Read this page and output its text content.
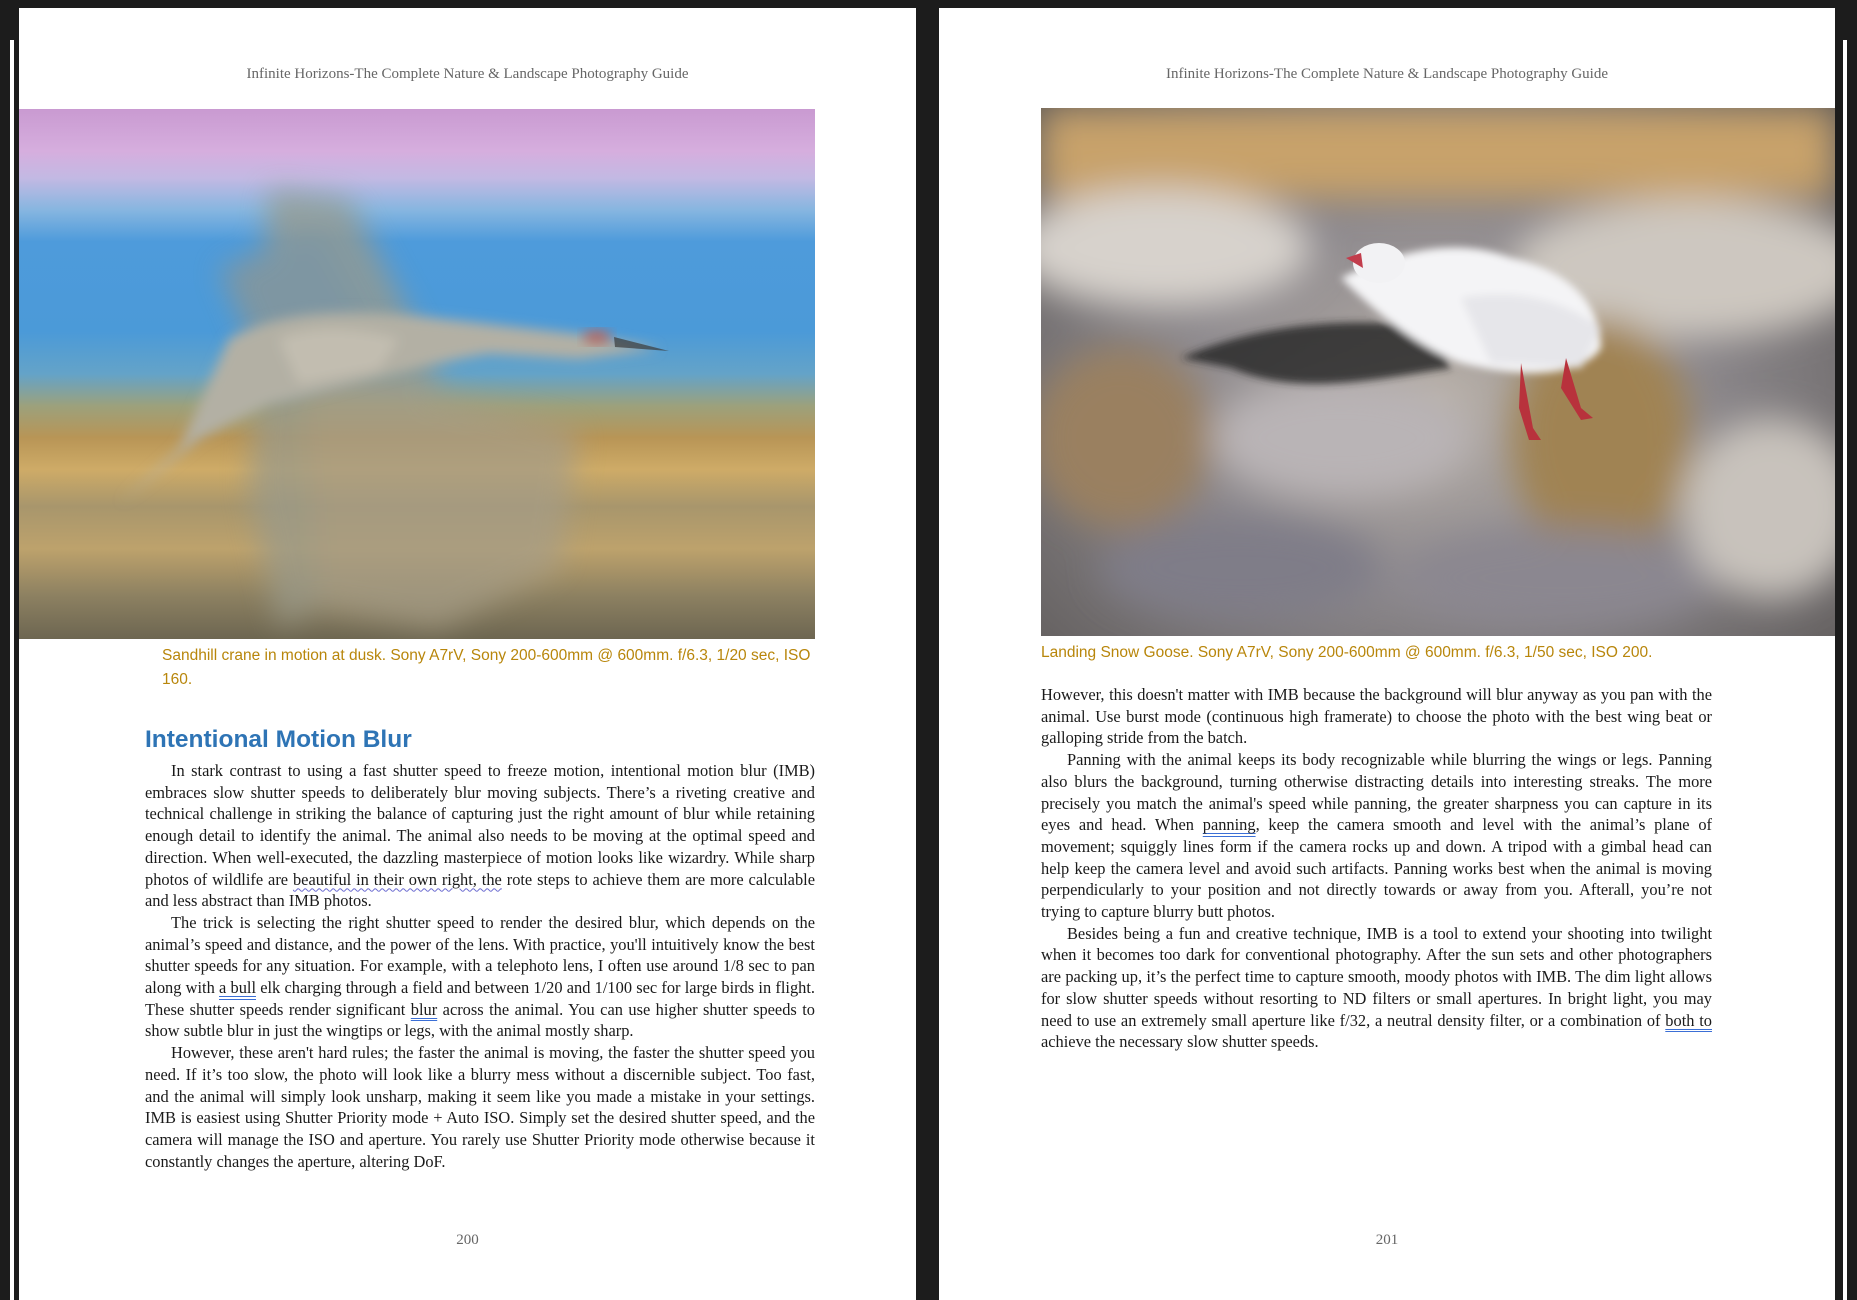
Infinite Horizons-The Complete Nature & Landscape Photography Guide
Sandhill crane in motion at dusk. Sony A7rV, Sony 200-600mm @ 600mm. f/6.3, 1/20 sec, ISO 160.
Intentional Motion Blur

In stark contrast to using a fast shutter speed to freeze motion, intentional motion blur (IMB) embraces slow shutter speeds to deliberately blur moving subjects. There’s a riveting creative and technical challenge in striking the balance of capturing just the right amount of blur while retaining enough detail to identify the animal. The animal also needs to be moving at the optimal speed and direction. When well-executed, the dazzling masterpiece of motion looks like wizardry. While sharp photos of wildlife are beautiful in their own right, the rote steps to achieve them are more calculable and less abstract than IMB photos.

The trick is selecting the right shutter speed to render the desired blur, which depends on the animal’s speed and distance, and the power of the lens. With practice, you'll intuitively know the best shutter speeds for any situation. For example, with a telephoto lens, I often use around 1/8 sec to pan along with a bull elk charging through a field and between 1/20 and 1/100 sec for large birds in flight. These shutter speeds render significant blur across the animal. You can use higher shutter speeds to show subtle blur in just the wingtips or legs, with the animal mostly sharp.

However, these aren't hard rules; the faster the animal is moving, the faster the shutter speed you need. If it’s too slow, the photo will look like a blurry mess without a discernible subject. Too fast, and the animal will simply look unsharp, making it seem like you made a mistake in your settings. IMB is easiest using Shutter Priority mode + Auto ISO. Simply set the desired shutter speed, and the camera will manage the ISO and aperture. You rarely use Shutter Priority mode otherwise because it constantly changes the aperture, altering DoF.

200
Infinite Horizons-The Complete Nature & Landscape Photography Guide
Landing Snow Goose. Sony A7rV, Sony 200-600mm @ 600mm. f/6.3, 1/50 sec, ISO 200.

However, this doesn't matter with IMB because the background will blur anyway as you pan with the animal. Use burst mode (continuous high framerate) to choose the photo with the best wing beat or galloping stride from the batch.

Panning with the animal keeps its body recognizable while blurring the wings or legs. Panning also blurs the background, turning otherwise distracting details into interesting streaks. The more precisely you match the animal's speed while panning, the greater sharpness you can capture in its eyes and head. When panning, keep the camera smooth and level with the animal’s plane of movement; squiggly lines form if the camera rocks up and down. A tripod with a gimbal head can help keep the camera level and avoid such artifacts. Panning works best when the animal is moving perpendicularly to your position and not directly towards or away from you. Afterall, you’re not trying to capture blurry butt photos.

Besides being a fun and creative technique, IMB is a tool to extend your shooting into twilight when it becomes too dark for conventional photography. After the sun sets and other photographers are packing up, it’s the perfect time to capture smooth, moody photos with IMB. The dim light allows for slow shutter speeds without resorting to ND filters or small apertures. In bright light, you may need to use an extremely small aperture like f/32, a neutral density filter, or a combination of both to achieve the necessary slow shutter speeds.

201
